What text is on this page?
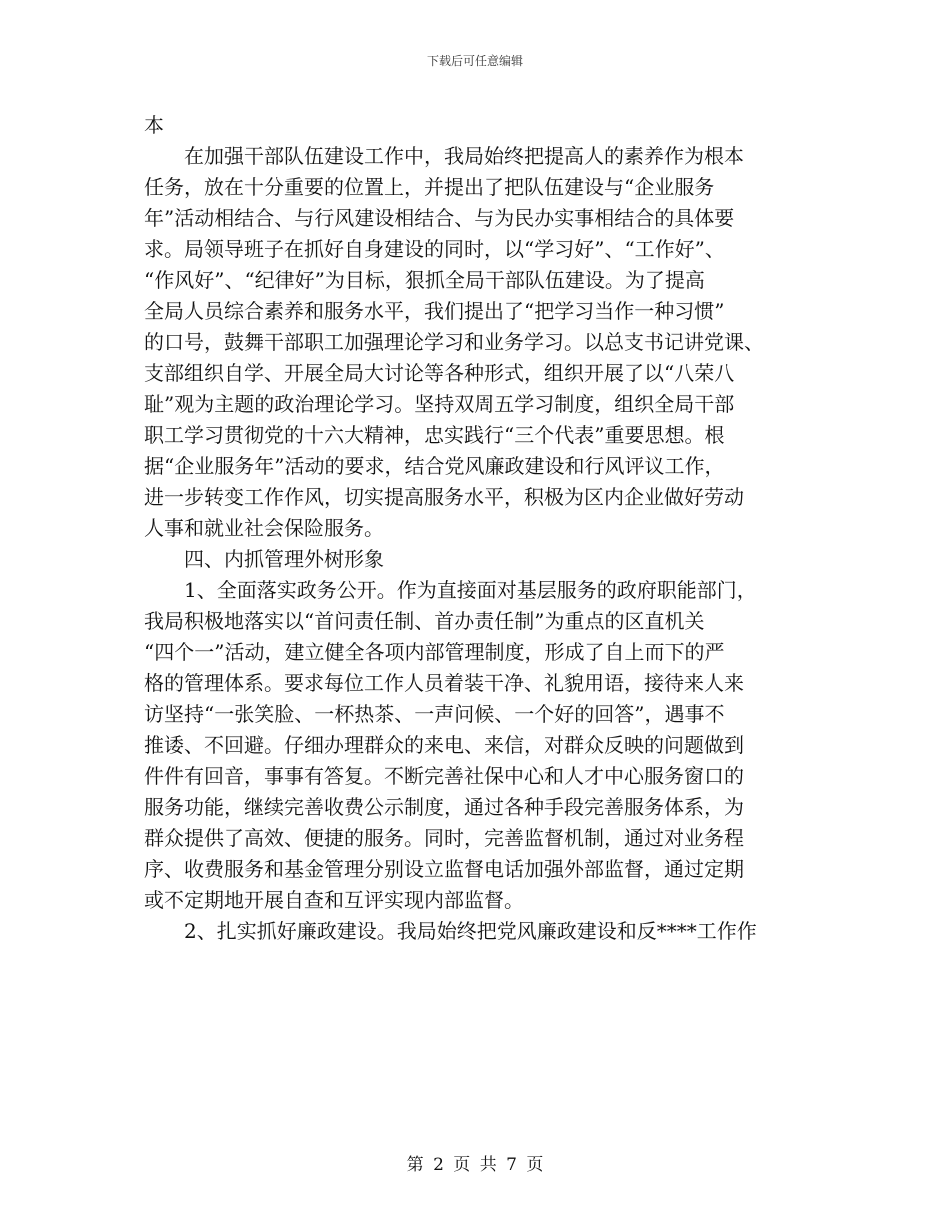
下载后可任意编辑
本
　　在加强干部队伍建设工作中，我局始终把提高人的素养作为根本
任务，放在十分重要的位置上，并提出了把队伍建设与“企业服务
年”活动相结合、与行风建设相结合、与为民办实事相结合的具体要
求。局领导班子在抓好自身建设的同时，以“学习好”、“工作好”、
“作风好”、“纪律好”为目标，狠抓全局干部队伍建设。为了提高
全局人员综合素养和服务水平，我们提出了“把学习当作一种习惯”
的口号，鼓舞干部职工加强理论学习和业务学习。以总支书记讲党课、
支部组织自学、开展全局大讨论等各种形式，组织开展了以“八荣八
耻”观为主题的政治理论学习。坚持双周五学习制度，组织全局干部
职工学习贯彻党的十六大精神，忠实践行“三个代表”重要思想。根
据“企业服务年”活动的要求，结合党风廉政建设和行风评议工作，
进一步转变工作作风，切实提高服务水平，积极为区内企业做好劳动
人事和就业社会保险服务。
　　四、内抓管理外树形象
　　1、全面落实政务公开。作为直接面对基层服务的政府职能部门，
我局积极地落实以“首问责任制、首办责任制”为重点的区直机关
“四个一”活动，建立健全各项内部管理制度，形成了自上而下的严
格的管理体系。要求每位工作人员着装干净、礼貌用语，接待来人来
访坚持“一张笑脸、一杯热茶、一声问候、一个好的回答”，遇事不
推诿、不回避。仔细办理群众的来电、来信，对群众反映的问题做到
件件有回音，事事有答复。不断完善社保中心和人才中心服务窗口的
服务功能，继续完善收费公示制度，通过各种手段完善服务体系，为
群众提供了高效、便捷的服务。同时，完善监督机制，通过对业务程
序、收费服务和基金管理分别设立监督电话加强外部监督，通过定期
或不定期地开展自查和互评实现内部监督。
　　2、扎实抓好廉政建设。我局始终把党风廉政建设和反****工作作
第 2 页 共 7 页
